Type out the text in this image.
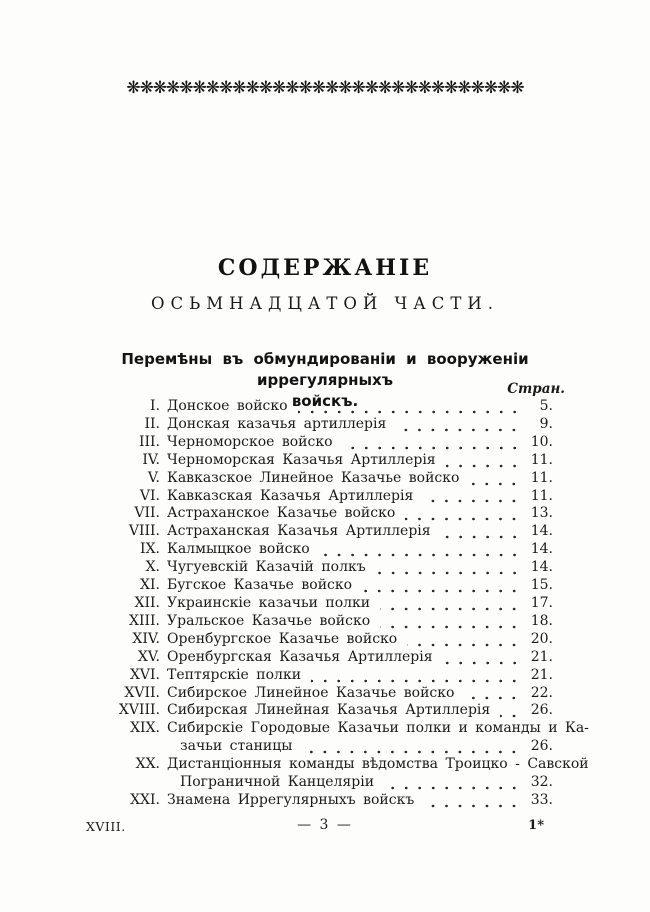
❋❋❋❋❋❋❋❋❋❋❋❋❋❋❋❋❋❋❋❋❋❋❋❋❋❋❋❋❋❋
СОДЕРЖАНІЕ
ОСЬМНАДЦАТОЙ ЧАСТИ.
Перемѣны въ обмундированіи и вооруженіи иррегулярныхъ
войскъ.
Стран.
I. Донское войско	5.
II. Донская казачья артиллерія	9.
III. Черноморское войско	10.
IV. Черноморская Казачья Артиллерія	11.
V. Кавказское Линейное Казачье войско	11.
VI. Кавказская Казачья Артиллерія	11.
VII. Астраханское Казачье войско	13.
VIII. Астраханская Казачья Артиллерія	14.
IX. Калмыцкое войско	14.
X. Чугуевскій Казачій полкъ	14.
XI. Бугское Казачье войско	15.
XII. Украинскіе казачьи полки	17.
XIII. Уральское Казачье войско	18.
XIV. Оренбургское Казачье войско	20.
XV. Оренбургская Казачья Артиллерія	21.
XVI. Тептярскіе полки	21.
XVII. Сибирское Линейное Казачье войско	22.
XVIII. Сибирская Линейная Казачья Артиллерія	26.
XIX. Сибирскіе Городовые Казачьи полки и команды и Ка-
зачьи станицы	26.
XX. Дистанціонныя команды вѣдомства Троицко - Савской
Пограничной Канцеляріи	32.
XXI. Знамена Иррегулярныхъ войскъ	33.
XVIII.	— 3 —	1*
